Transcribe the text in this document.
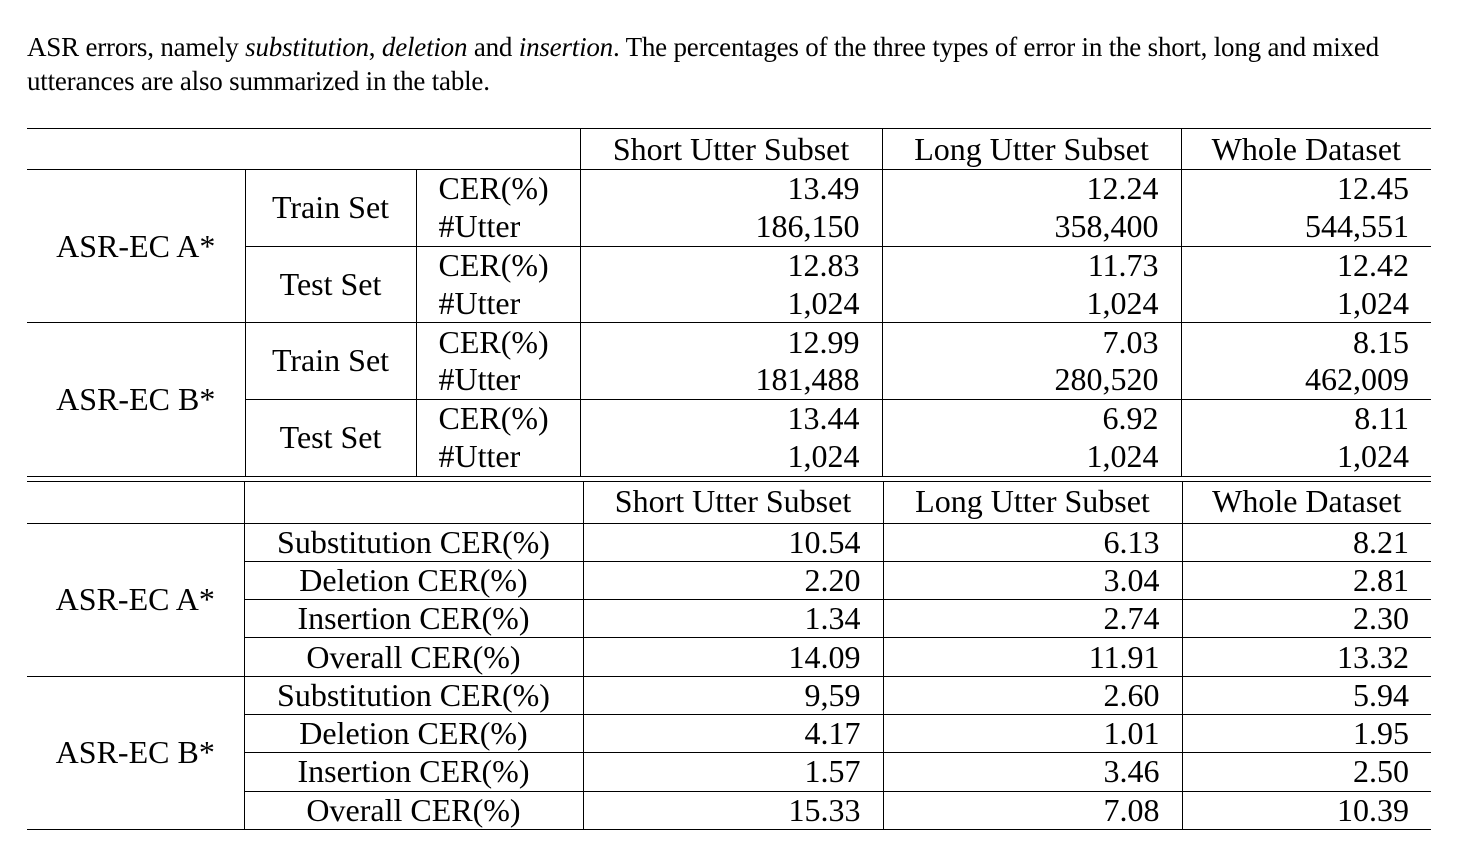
ASR errors, namely substitution, deletion and insertion. The percentages of the three types of error in the short, long and mixed utterances are also summarized in the table.
			Short Utter Subset	Long Utter Subset	Whole Dataset
ASR-EC A*	Train Set	CER(%)	13.49	12.24	12.45
		#Utter	186,150	358,400	544,551
	Test Set	CER(%)	12.83	11.73	12.42
		#Utter	1,024	1,024	1,024
ASR-EC B*	Train Set	CER(%)	12.99	7.03	8.15
		#Utter	181,488	280,520	462,009
	Test Set	CER(%)	13.44	6.92	8.11
		#Utter	1,024	1,024	1,024
		Short Utter Subset	Long Utter Subset	Whole Dataset
ASR-EC A*	Substitution CER(%)	10.54	6.13	8.21
	Deletion CER(%)	2.20	3.04	2.81
	Insertion CER(%)	1.34	2.74	2.30
	Overall CER(%)	14.09	11.91	13.32
ASR-EC B*	Substitution CER(%)	9,59	2.60	5.94
	Deletion CER(%)	4.17	1.01	1.95
	Insertion CER(%)	1.57	3.46	2.50
	Overall CER(%)	15.33	7.08	10.39
